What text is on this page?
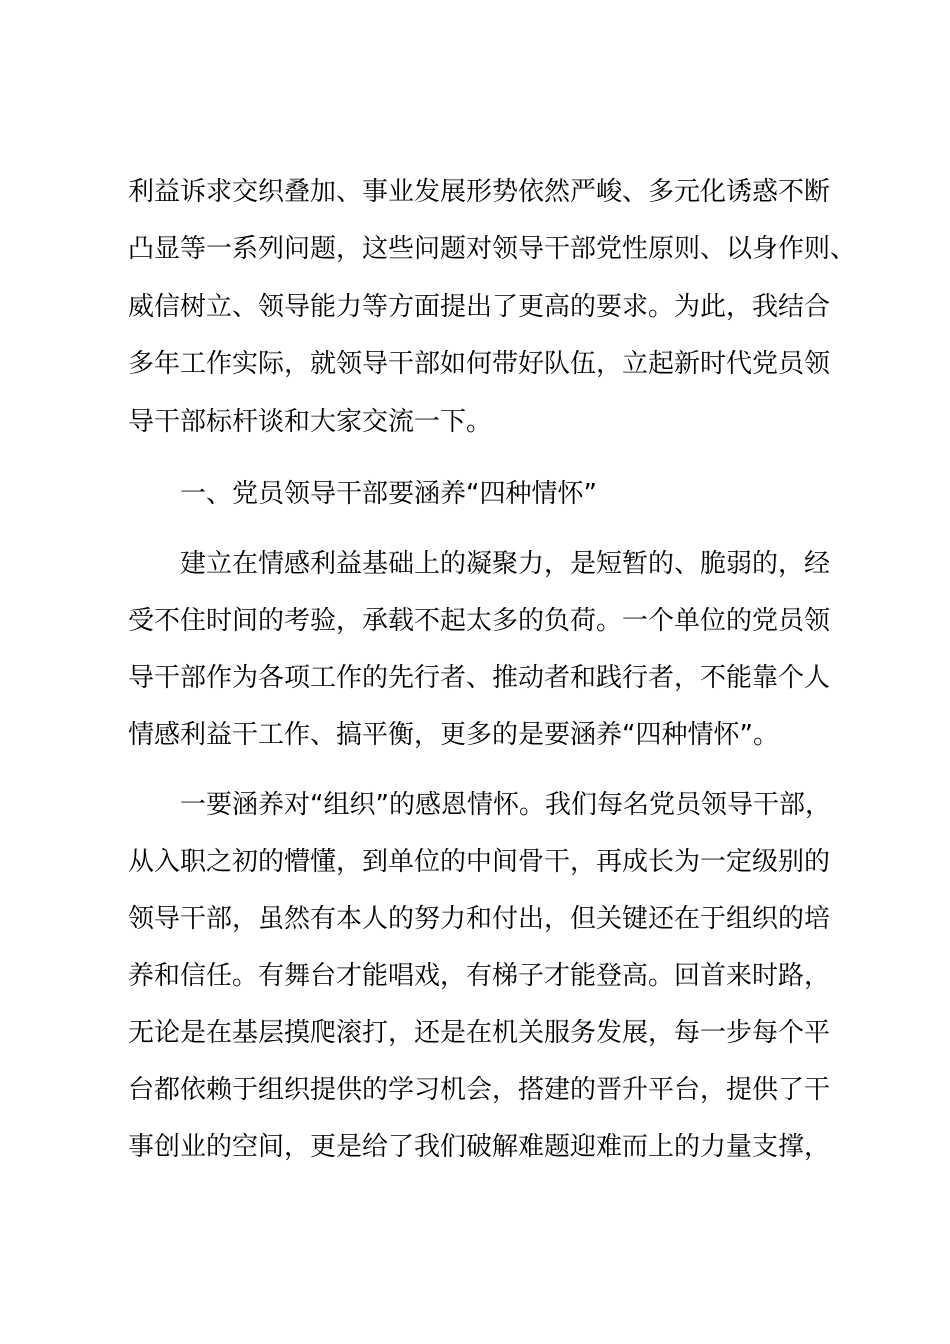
利益诉求交织叠加、事业发展形势依然严峻、多元化诱惑不断
凸显等一系列问题，这些问题对领导干部党性原则、以身作则、
威信树立、领导能力等方面提出了更高的要求。为此，我结合
多年工作实际，就领导干部如何带好队伍，立起新时代党员领
导干部标杆谈和大家交流一下。
一、党员领导干部要涵养“四种情怀”
建立在情感利益基础上的凝聚力，是短暂的、脆弱的，经
受不住时间的考验，承载不起太多的负荷。一个单位的党员领
导干部作为各项工作的先行者、推动者和践行者，不能靠个人
情感利益干工作、搞平衡，更多的是要涵养“四种情怀”。
一要涵养对“组织”的感恩情怀。我们每名党员领导干部，
从入职之初的懵懂，到单位的中间骨干，再成长为一定级别的
领导干部，虽然有本人的努力和付出，但关键还在于组织的培
养和信任。有舞台才能唱戏，有梯子才能登高。回首来时路，
无论是在基层摸爬滚打，还是在机关服务发展，每一步每个平
台都依赖于组织提供的学习机会，搭建的晋升平台，提供了干
事创业的空间，更是给了我们破解难题迎难而上的力量支撑，
